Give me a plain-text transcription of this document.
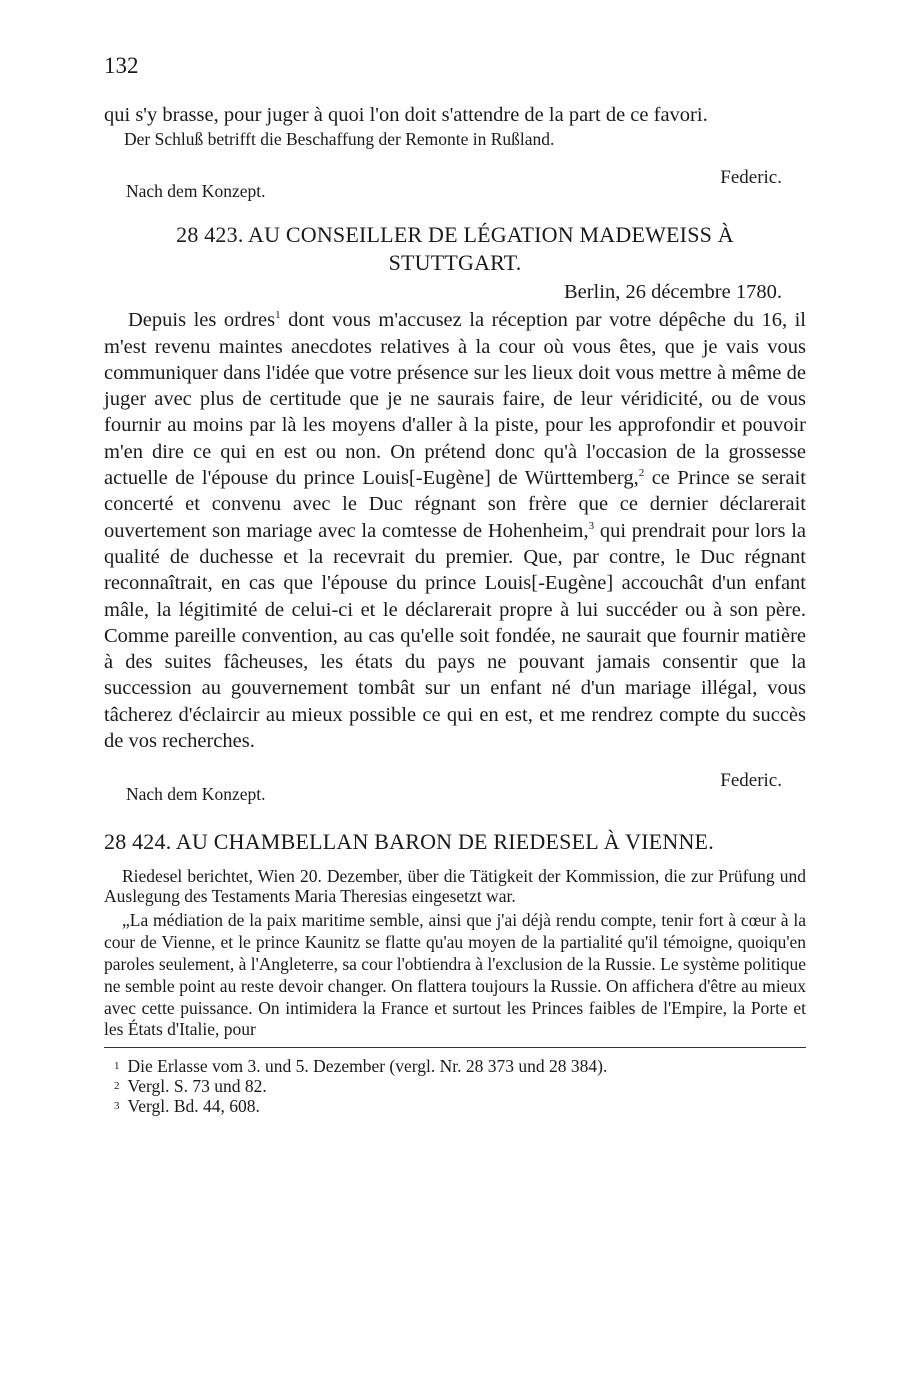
132

qui s'y brasse, pour juger à quoi l'on doit s'attendre de la part de ce favori.

Der Schluß betrifft die Beschaffung der Remonte in Rußland.

Nach dem Konzept.
Federic.
28 423. AU CONSEILLER DE LÉGATION MADEWEISS À STUTTGART.
Berlin, 26 décembre 1780.

Depuis les ordres$^1$ dont vous m'accusez la réception par votre dépêche du 16, il m'est revenu maintes anecdotes relatives à la cour où vous êtes, que je vais vous communiquer dans l'idée que votre présence sur les lieux doit vous mettre à même de juger avec plus de certitude que je ne saurais faire, de leur véridicité, ou de vous fournir au moins par là les moyens d'aller à la piste, pour les approfondir et pouvoir m'en dire ce qui en est ou non. On prétend donc qu'à l'occasion de la grossesse actuelle de l'épouse du prince Louis[-Eugène] de Württemberg,$^2$ ce Prince se serait concerté et convenu avec le Duc régnant son frère que ce dernier déclarerait ouvertement son mariage avec la comtesse de Hohenheim,$^3$ qui prendrait pour lors la qualité de duchesse et la recevrait du premier. Que, par contre, le Duc régnant reconnaîtrait, en cas que l'épouse du prince Louis[-Eugène] accouchât d'un enfant mâle, la légitimité de celui-ci et le déclarerait propre à lui succéder ou à son père. Comme pareille convention, au cas qu'elle soit fondée, ne saurait que fournir matière à des suites fâcheuses, les états du pays ne pouvant jamais consentir que la succession au gouvernement tombât sur un enfant né d'un mariage illégal, vous tâcherez d'éclaircir au mieux possible ce qui en est, et me rendrez compte du succès de vos recherches.

Nach dem Konzept.
Federic.
28 424. AU CHAMBELLAN BARON DE RIEDESEL À VIENNE.

Riedesel berichtet, Wien 20. Dezember, über die Tätigkeit der Kommission, die zur Prüfung und Auslegung des Testaments Maria Theresias eingesetzt war.

„La médiation de la paix maritime semble, ainsi que j'ai déjà rendu compte, tenir fort à cœur à la cour de Vienne, et le prince Kaunitz se flatte qu'au moyen de la partialité qu'il témoigne, quoiqu'en paroles seulement, à l'Angleterre, sa cour l'obtiendra à l'exclusion de la Russie. Le système politique ne semble point au reste devoir changer. On flattera toujours la Russie. On affichera d'être au mieux avec cette puissance. On intimidera la France et surtout les Princes faibles de l'Empire, la Porte et les États d'Italie, pour

$^1$ Die Erlasse vom 3. und 5. Dezember (vergl. Nr. 28 373 und 28 384).

$^2$ Vergl. S. 73 und 82.

$^3$ Vergl. Bd. 44, 608.
